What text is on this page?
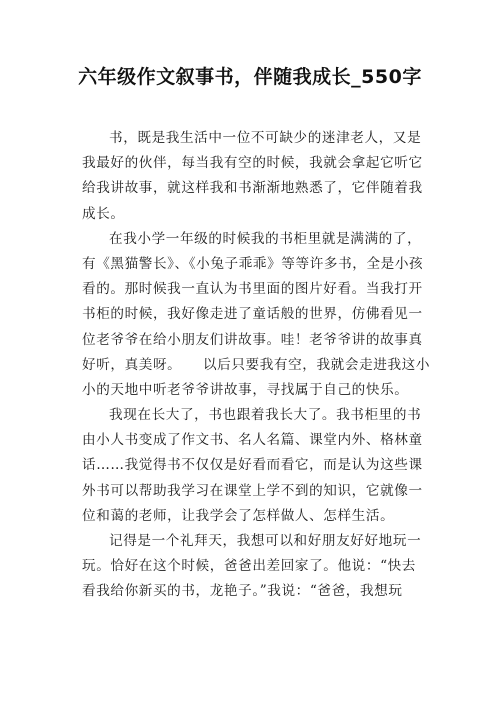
六年级作文叙事书，伴随我成长_550字
书，既是我生活中一位不可缺少的迷津老人，又是
我最好的伙伴，每当我有空的时候，我就会拿起它听它
给我讲故事，就这样我和书渐渐地熟悉了，它伴随着我
成长。
在我小学一年级的时候我的书柜里就是满满的了，
有《黑猫警长》、《小兔子乖乖》等等许多书，全是小孩
看的。那时候我一直认为书里面的图片好看。当我打开
书柜的时候，我好像走进了童话般的世界，仿佛看见一
位老爷爷在给小朋友们讲故事。哇！老爷爷讲的故事真
好听，真美呀。　　以后只要我有空，我就会走进我这小
小的天地中听老爷爷讲故事，寻找属于自己的快乐。
我现在长大了，书也跟着我长大了。我书柜里的书
由小人书变成了作文书、名人名篇、课堂内外、格林童
话……我觉得书不仅仅是好看而看它，而是认为这些课
外书可以帮助我学习在课堂上学不到的知识，它就像一
位和蔼的老师，让我学会了怎样做人、怎样生活。
记得是一个礼拜天，我想可以和好朋友好好地玩一
玩。恰好在这个时候，爸爸出差回家了。他说：“快去
看我给你新买的书，龙艳子。”我说：“爸爸，我想玩
